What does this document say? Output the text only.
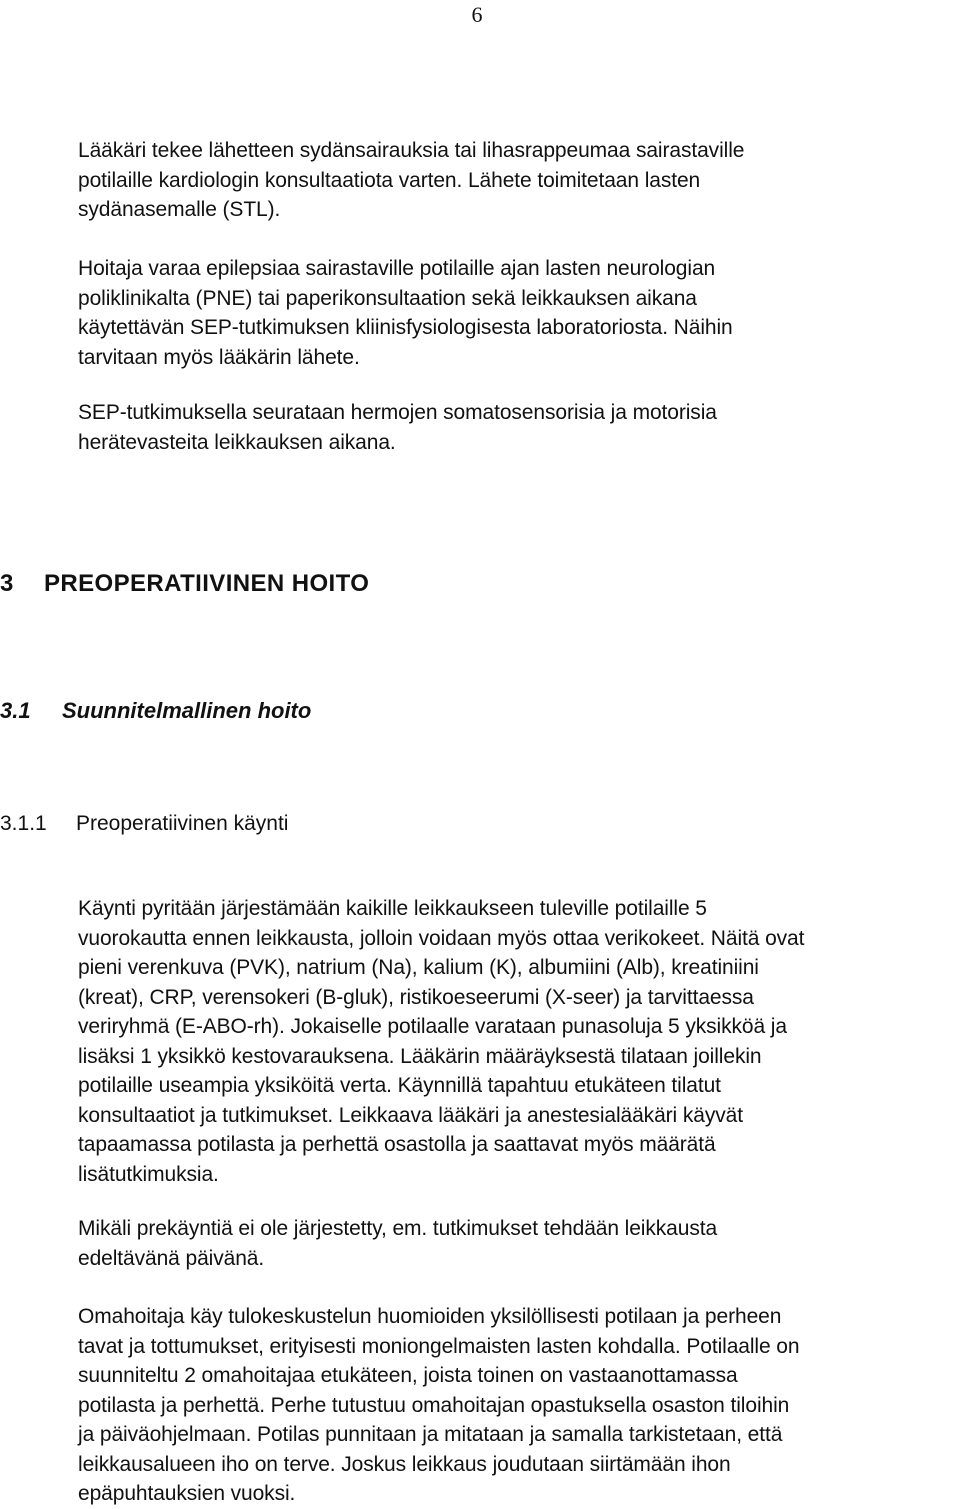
6
Lääkäri tekee lähetteen sydänsairauksia tai lihasrappeumaa sairastaville
potilaille kardiologin konsultaatiota varten. Lähete toimitetaan lasten
sydänasemalle (STL).
Hoitaja varaa epilepsiaa sairastaville potilaille ajan lasten neurologian
poliklinikalta (PNE) tai paperikonsultaation sekä leikkauksen aikana
käytettävän SEP-tutkimuksen kliinisfysiologisesta laboratoriosta. Näihin
tarvitaan myös lääkärin lähete.
SEP-tutkimuksella seurataan hermojen somatosensorisia ja motorisia
herätevasteita leikkauksen aikana.
3 PREOPERATIIVINEN HOITO
3.1 Suunnitelmallinen hoito
3.1.1 Preoperatiivinen käynti
Käynti pyritään järjestämään kaikille leikkaukseen tuleville potilaille 5
vuorokautta ennen leikkausta, jolloin voidaan myös ottaa verikokeet. Näitä ovat
pieni verenkuva (PVK), natrium (Na), kalium (K), albumiini (Alb), kreatiniini
(kreat), CRP, verensokeri (B-gluk), ristikoeseerumi (X-seer) ja tarvittaessa
veriryhmä (E-ABO-rh). Jokaiselle potilaalle varataan punasoluja 5 yksikköä ja
lisäksi 1 yksikkö kestovarauksena. Lääkärin määräyksestä tilataan joillekin
potilaille useampia yksiköitä verta. Käynnillä tapahtuu etukäteen tilatut
konsultaatiot ja tutkimukset. Leikkaava lääkäri ja anestesialääkäri käyvät
tapaamassa potilasta ja perhettä osastolla ja saattavat myös määrätä
lisätutkimuksia.
Mikäli prekäyntiä ei ole järjestetty, em. tutkimukset tehdään leikkausta
edeltävänä päivänä.
Omahoitaja käy tulokeskustelun huomioiden yksilöllisesti potilaan ja perheen
tavat ja tottumukset, erityisesti moniongelmaisten lasten kohdalla. Potilaalle on
suunniteltu 2 omahoitajaa etukäteen, joista toinen on vastaanottamassa
potilasta ja perhettä. Perhe tutustuu omahoitajan opastuksella osaston tiloihin
ja päiväohjelmaan. Potilas punnitaan ja mitataan ja samalla tarkistetaan, että
leikkausalueen iho on terve. Joskus leikkaus joudutaan siirtämään ihon
epäpuhtauksien vuoksi.
